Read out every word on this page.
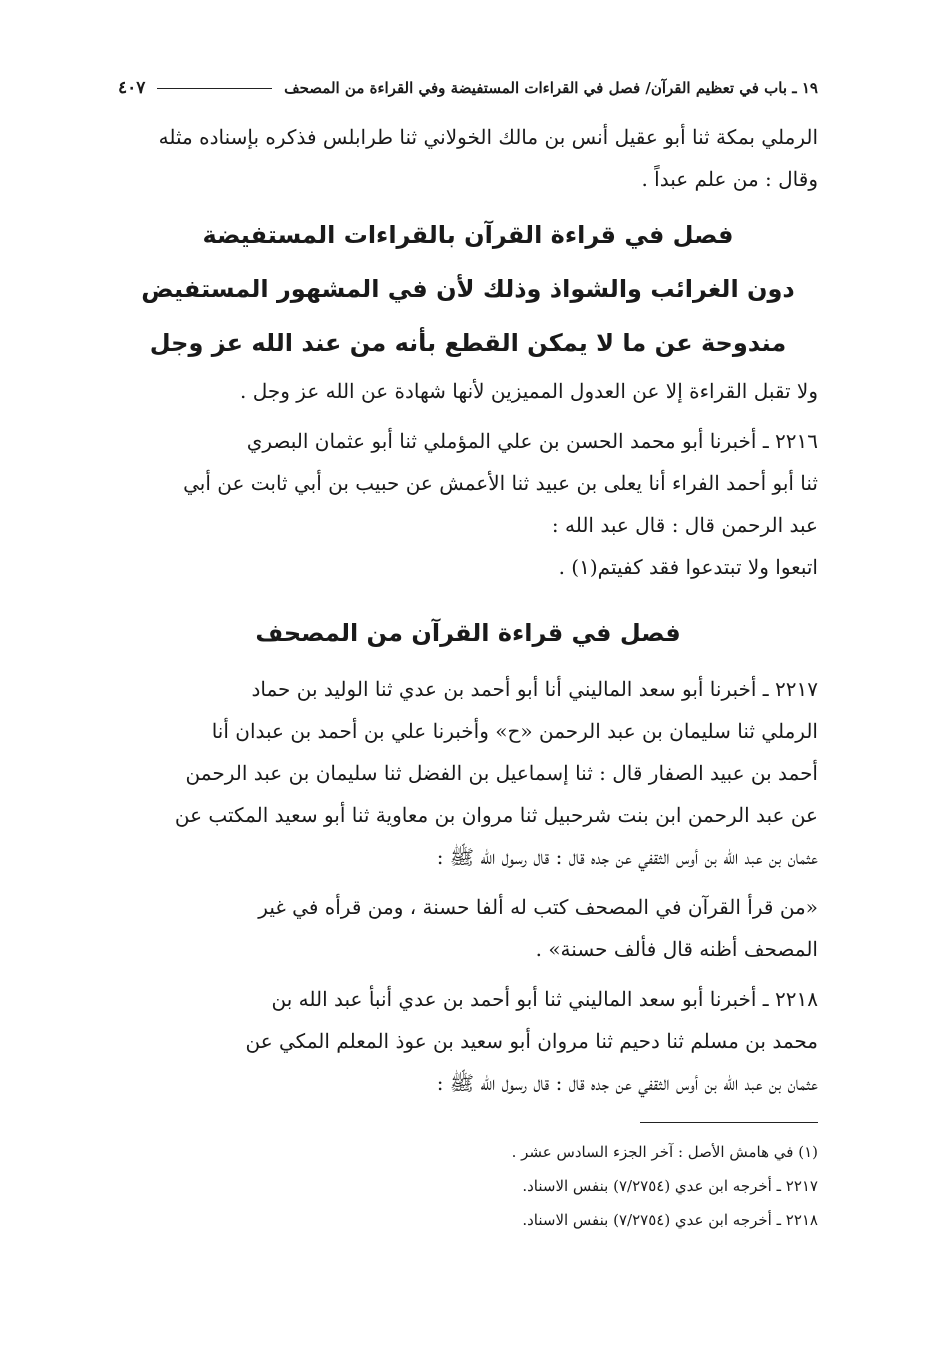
١٩ ـ باب في تعظيم القرآن/ فصل في القراءات المستفيضة وفي القراءة من المصحف
٤٠٧

الرملي بمكة ثنا أبو عقيل أنس بن مالك الخولاني ثنا طرابلس فذكره بإسناده مثله

وقال : من علم عبداً .

فصل في قراءة القرآن بالقراءات المستفيضة

دون الغرائب والشواذ وذلك لأن في المشهور المستفيض

مندوحة عن ما لا يمكن القطع بأنه من عند الله عز وجل

ولا تقبل القراءة إلا عن العدول المميزين لأنها شهادة عن الله عز وجل .

٢٢١٦ ـ أخبرنا أبو محمد الحسن بن علي المؤملي ثنا أبو عثمان البصري

ثنا أبو أحمد الفراء أنا يعلى بن عبيد ثنا الأعمش عن حبيب بن أبي ثابت عن أبي

عبد الرحمن قال : قال عبد الله :

اتبعوا ولا تبتدعوا فقد كفيتم(١) .

فصل في قراءة القرآن من المصحف

٢٢١٧ ـ أخبرنا أبو سعد الماليني أنا أبو أحمد بن عدي ثنا الوليد بن حماد

الرملي ثنا سليمان بن عبد الرحمن «ح» وأخبرنا علي بن أحمد بن عبدان أنا

أحمد بن عبيد الصفار قال : ثنا إسماعيل بن الفضل ثنا سليمان بن عبد الرحمن

عن عبد الرحمن ابن بنت شرحبيل ثنا مروان بن معاوية ثنا أبو سعيد المكتب عن

عثمان بن عبد الله بن أوس الثقفي عن جده قال : قال رسول الله ﷺ :

«من قرأ القرآن في المصحف كتب له ألفا حسنة ، ومن قرأه في غير

المصحف أظنه قال فألف حسنة» .

٢٢١٨ ـ أخبرنا أبو سعد الماليني ثنا أبو أحمد بن عدي أنبأ عبد الله بن

محمد بن مسلم ثنا دحيم ثنا مروان أبو سعيد بن عوذ المعلم المكي عن

عثمان بن عبد الله بن أوس الثقفي عن جده قال : قال رسول الله ﷺ :

(١) في هامش الأصل : آخر الجزء السادس عشر .

٢٢١٧ ـ أخرجه ابن عدي (٧/٢٧٥٤) بنفس الاسناد.

٢٢١٨ ـ أخرجه ابن عدي (٧/٢٧٥٤) بنفس الاسناد.
